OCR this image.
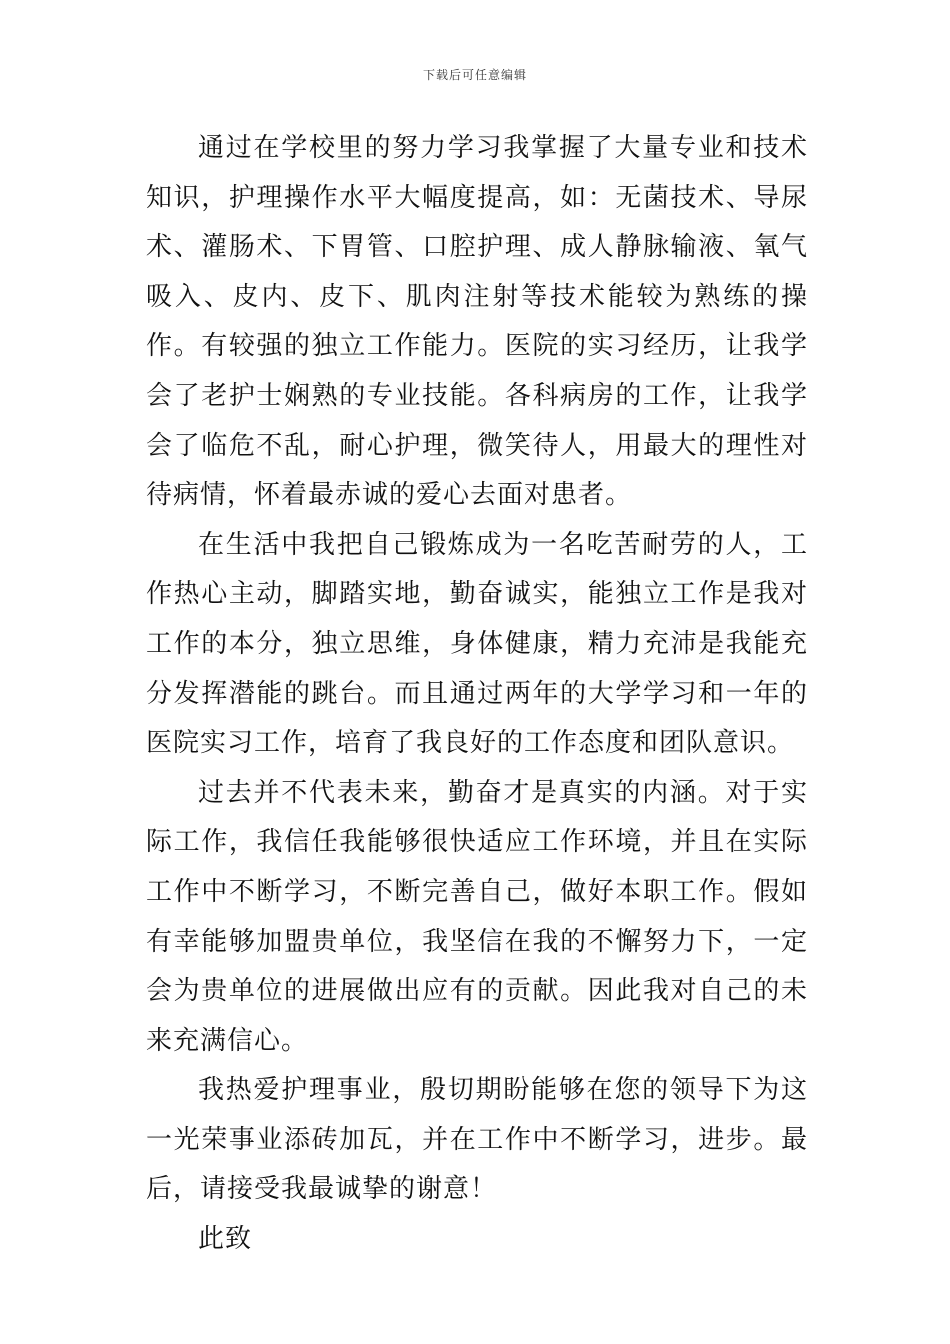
下载后可任意编辑

通过在学校里的努力学习我掌握了大量专业和技术知识，护理操作水平大幅度提高，如：无菌技术、导尿术、灌肠术、下胃管、口腔护理、成人静脉输液、氧气吸入、皮内、皮下、肌肉注射等技术能较为熟练的操作。有较强的独立工作能力。医院的实习经历，让我学会了老护士娴熟的专业技能。各科病房的工作，让我学会了临危不乱，耐心护理，微笑待人，用最大的理性对待病情，怀着最赤诚的爱心去面对患者。

在生活中我把自己锻炼成为一名吃苦耐劳的人，工作热心主动，脚踏实地，勤奋诚实，能独立工作是我对工作的本分，独立思维，身体健康，精力充沛是我能充分发挥潜能的跳台。而且通过两年的大学学习和一年的医院实习工作，培育了我良好的工作态度和团队意识。

过去并不代表未来，勤奋才是真实的内涵。对于实际工作，我信任我能够很快适应工作环境，并且在实际工作中不断学习，不断完善自己，做好本职工作。假如有幸能够加盟贵单位，我坚信在我的不懈努力下，一定会为贵单位的进展做出应有的贡献。因此我对自己的未来充满信心。

我热爱护理事业，殷切期盼能够在您的领导下为这一光荣事业添砖加瓦，并在工作中不断学习，进步。最后，请接受我最诚挚的谢意！

此致
